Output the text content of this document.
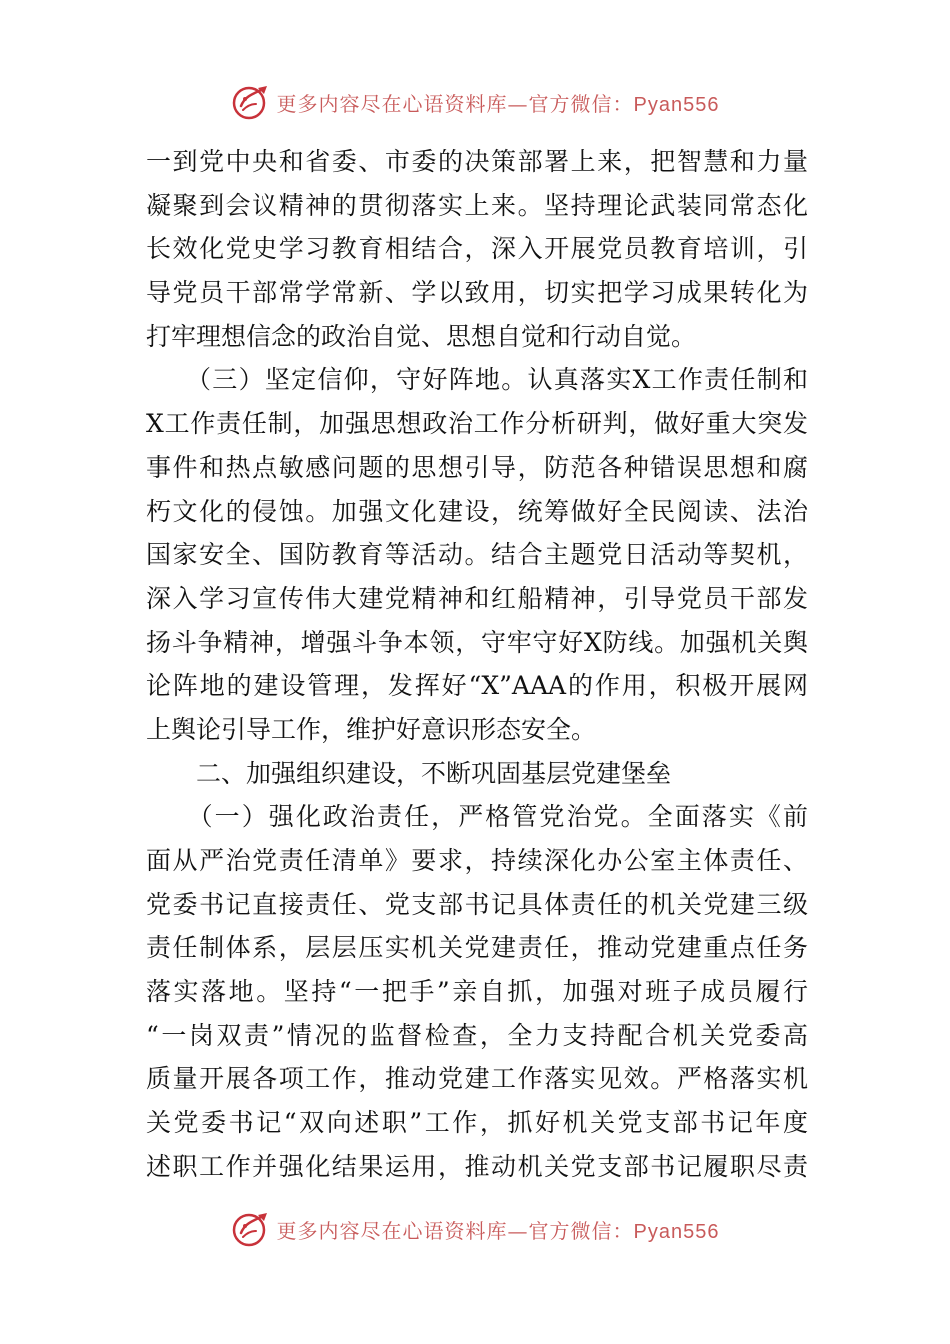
更多内容尽在心语资料库—官方微信：Pyan556
一到党中央和省委、市委的决策部署上来，把智慧和力量
凝聚到会议精神的贯彻落实上来。坚持理论武装同常态化
长效化党史学习教育相结合，深入开展党员教育培训，引
导党员干部常学常新、学以致用，切实把学习成果转化为
打牢理想信念的政治自觉、思想自觉和行动自觉。
　　（三）坚定信仰，守好阵地。认真落实X工作责任制和
X工作责任制，加强思想政治工作分析研判，做好重大突发
事件和热点敏感问题的思想引导，防范各种错误思想和腐
朽文化的侵蚀。加强文化建设，统筹做好全民阅读、法治
国家安全、国防教育等活动。结合主题党日活动等契机，
深入学习宣传伟大建党精神和红船精神，引导党员干部发
扬斗争精神，增强斗争本领，守牢守好X防线。加强机关舆
论阵地的建设管理，发挥好“X”AAA的作用，积极开展网
上舆论引导工作，维护好意识形态安全。
　　二、加强组织建设，不断巩固基层党建堡垒
　　（一）强化政治责任，严格管党治党。全面落实《前
面从严治党责任清单》要求，持续深化办公室主体责任、
党委书记直接责任、党支部书记具体责任的机关党建三级
责任制体系，层层压实机关党建责任，推动党建重点任务
落实落地。坚持“一把手”亲自抓，加强对班子成员履行
“一岗双责”情况的监督检查，全力支持配合机关党委高
质量开展各项工作，推动党建工作落实见效。严格落实机
关党委书记“双向述职”工作，抓好机关党支部书记年度
述职工作并强化结果运用，推动机关党支部书记履职尽责
更多内容尽在心语资料库—官方微信：Pyan556
